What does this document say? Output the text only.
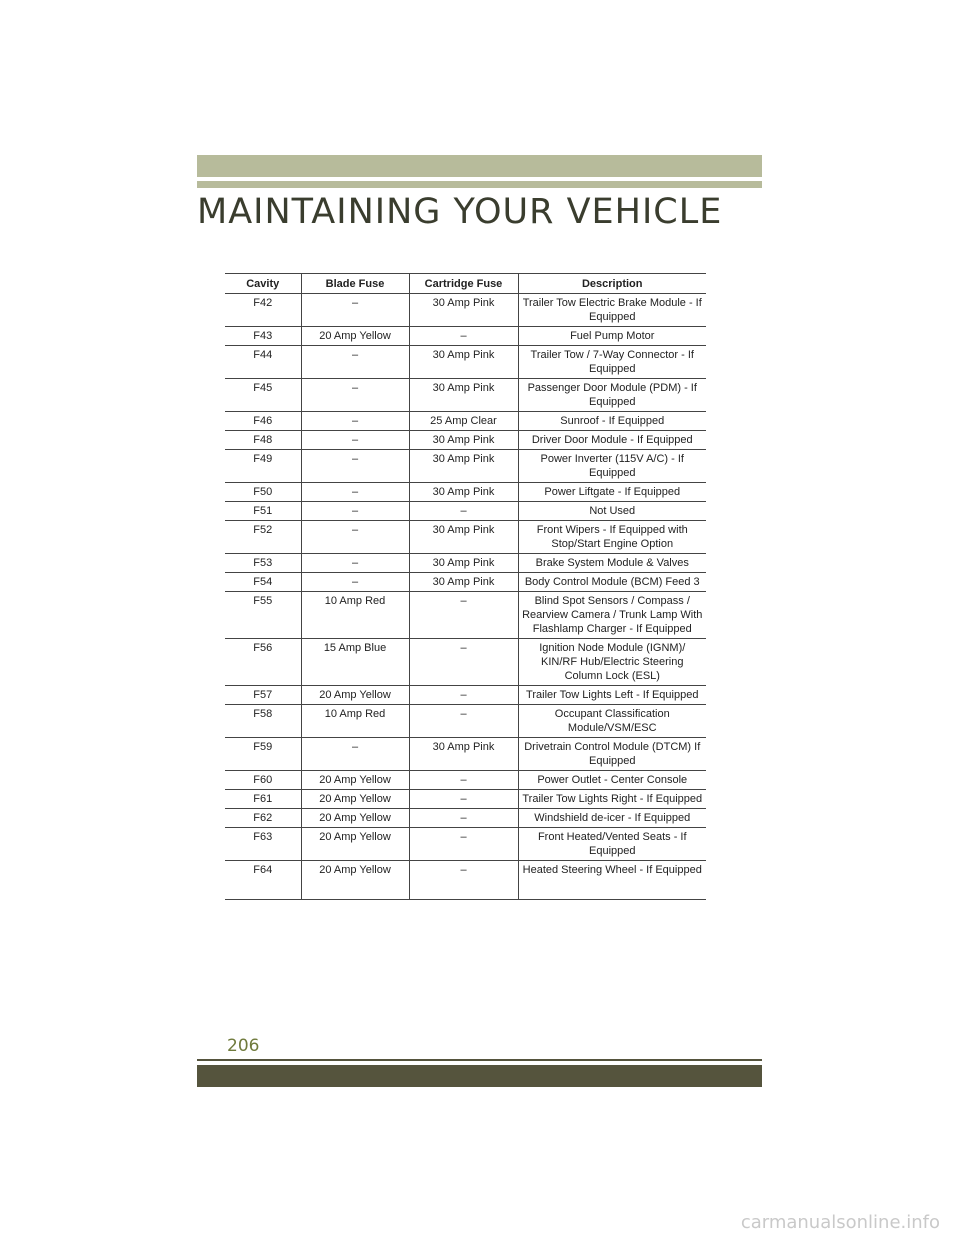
MAINTAINING YOUR VEHICLE
Cavity	Blade Fuse	Cartridge Fuse	Description
F42	–	30 Amp Pink	Trailer Tow Electric Brake Module - If Equipped
F43	20 Amp Yellow	–	Fuel Pump Motor
F44	–	30 Amp Pink	Trailer Tow / 7-Way Connector - If Equipped
F45	–	30 Amp Pink	Passenger Door Module (PDM) - If Equipped
F46	–	25 Amp Clear	Sunroof - If Equipped
F48	–	30 Amp Pink	Driver Door Module - If Equipped
F49	–	30 Amp Pink	Power Inverter (115V A/C) - If Equipped
F50	–	30 Amp Pink	Power Liftgate - If Equipped
F51	–	–	Not Used
F52	–	30 Amp Pink	Front Wipers - If Equipped with Stop/Start Engine Option
F53	–	30 Amp Pink	Brake System Module & Valves
F54	–	30 Amp Pink	Body Control Module (BCM) Feed 3
F55	10 Amp Red	–	Blind Spot Sensors / Compass / Rearview Camera / Trunk Lamp With Flashlamp Charger - If Equipped
F56	15 Amp Blue	–	Ignition Node Module (IGNM)/ KIN/RF Hub/Electric Steering Column Lock (ESL)
F57	20 Amp Yellow	–	Trailer Tow Lights Left - If Equipped
F58	10 Amp Red	–	Occupant Classification Module/VSM/ESC
F59	–	30 Amp Pink	Drivetrain Control Module (DTCM) If Equipped
F60	20 Amp Yellow	–	Power Outlet - Center Console
F61	20 Amp Yellow	–	Trailer Tow Lights Right - If Equipped
F62	20 Amp Yellow	–	Windshield de-icer - If Equipped
F63	20 Amp Yellow	–	Front Heated/Vented Seats - If Equipped
F64	20 Amp Yellow	–	Heated Steering Wheel - If Equipped
206
carmanualsonline.info
